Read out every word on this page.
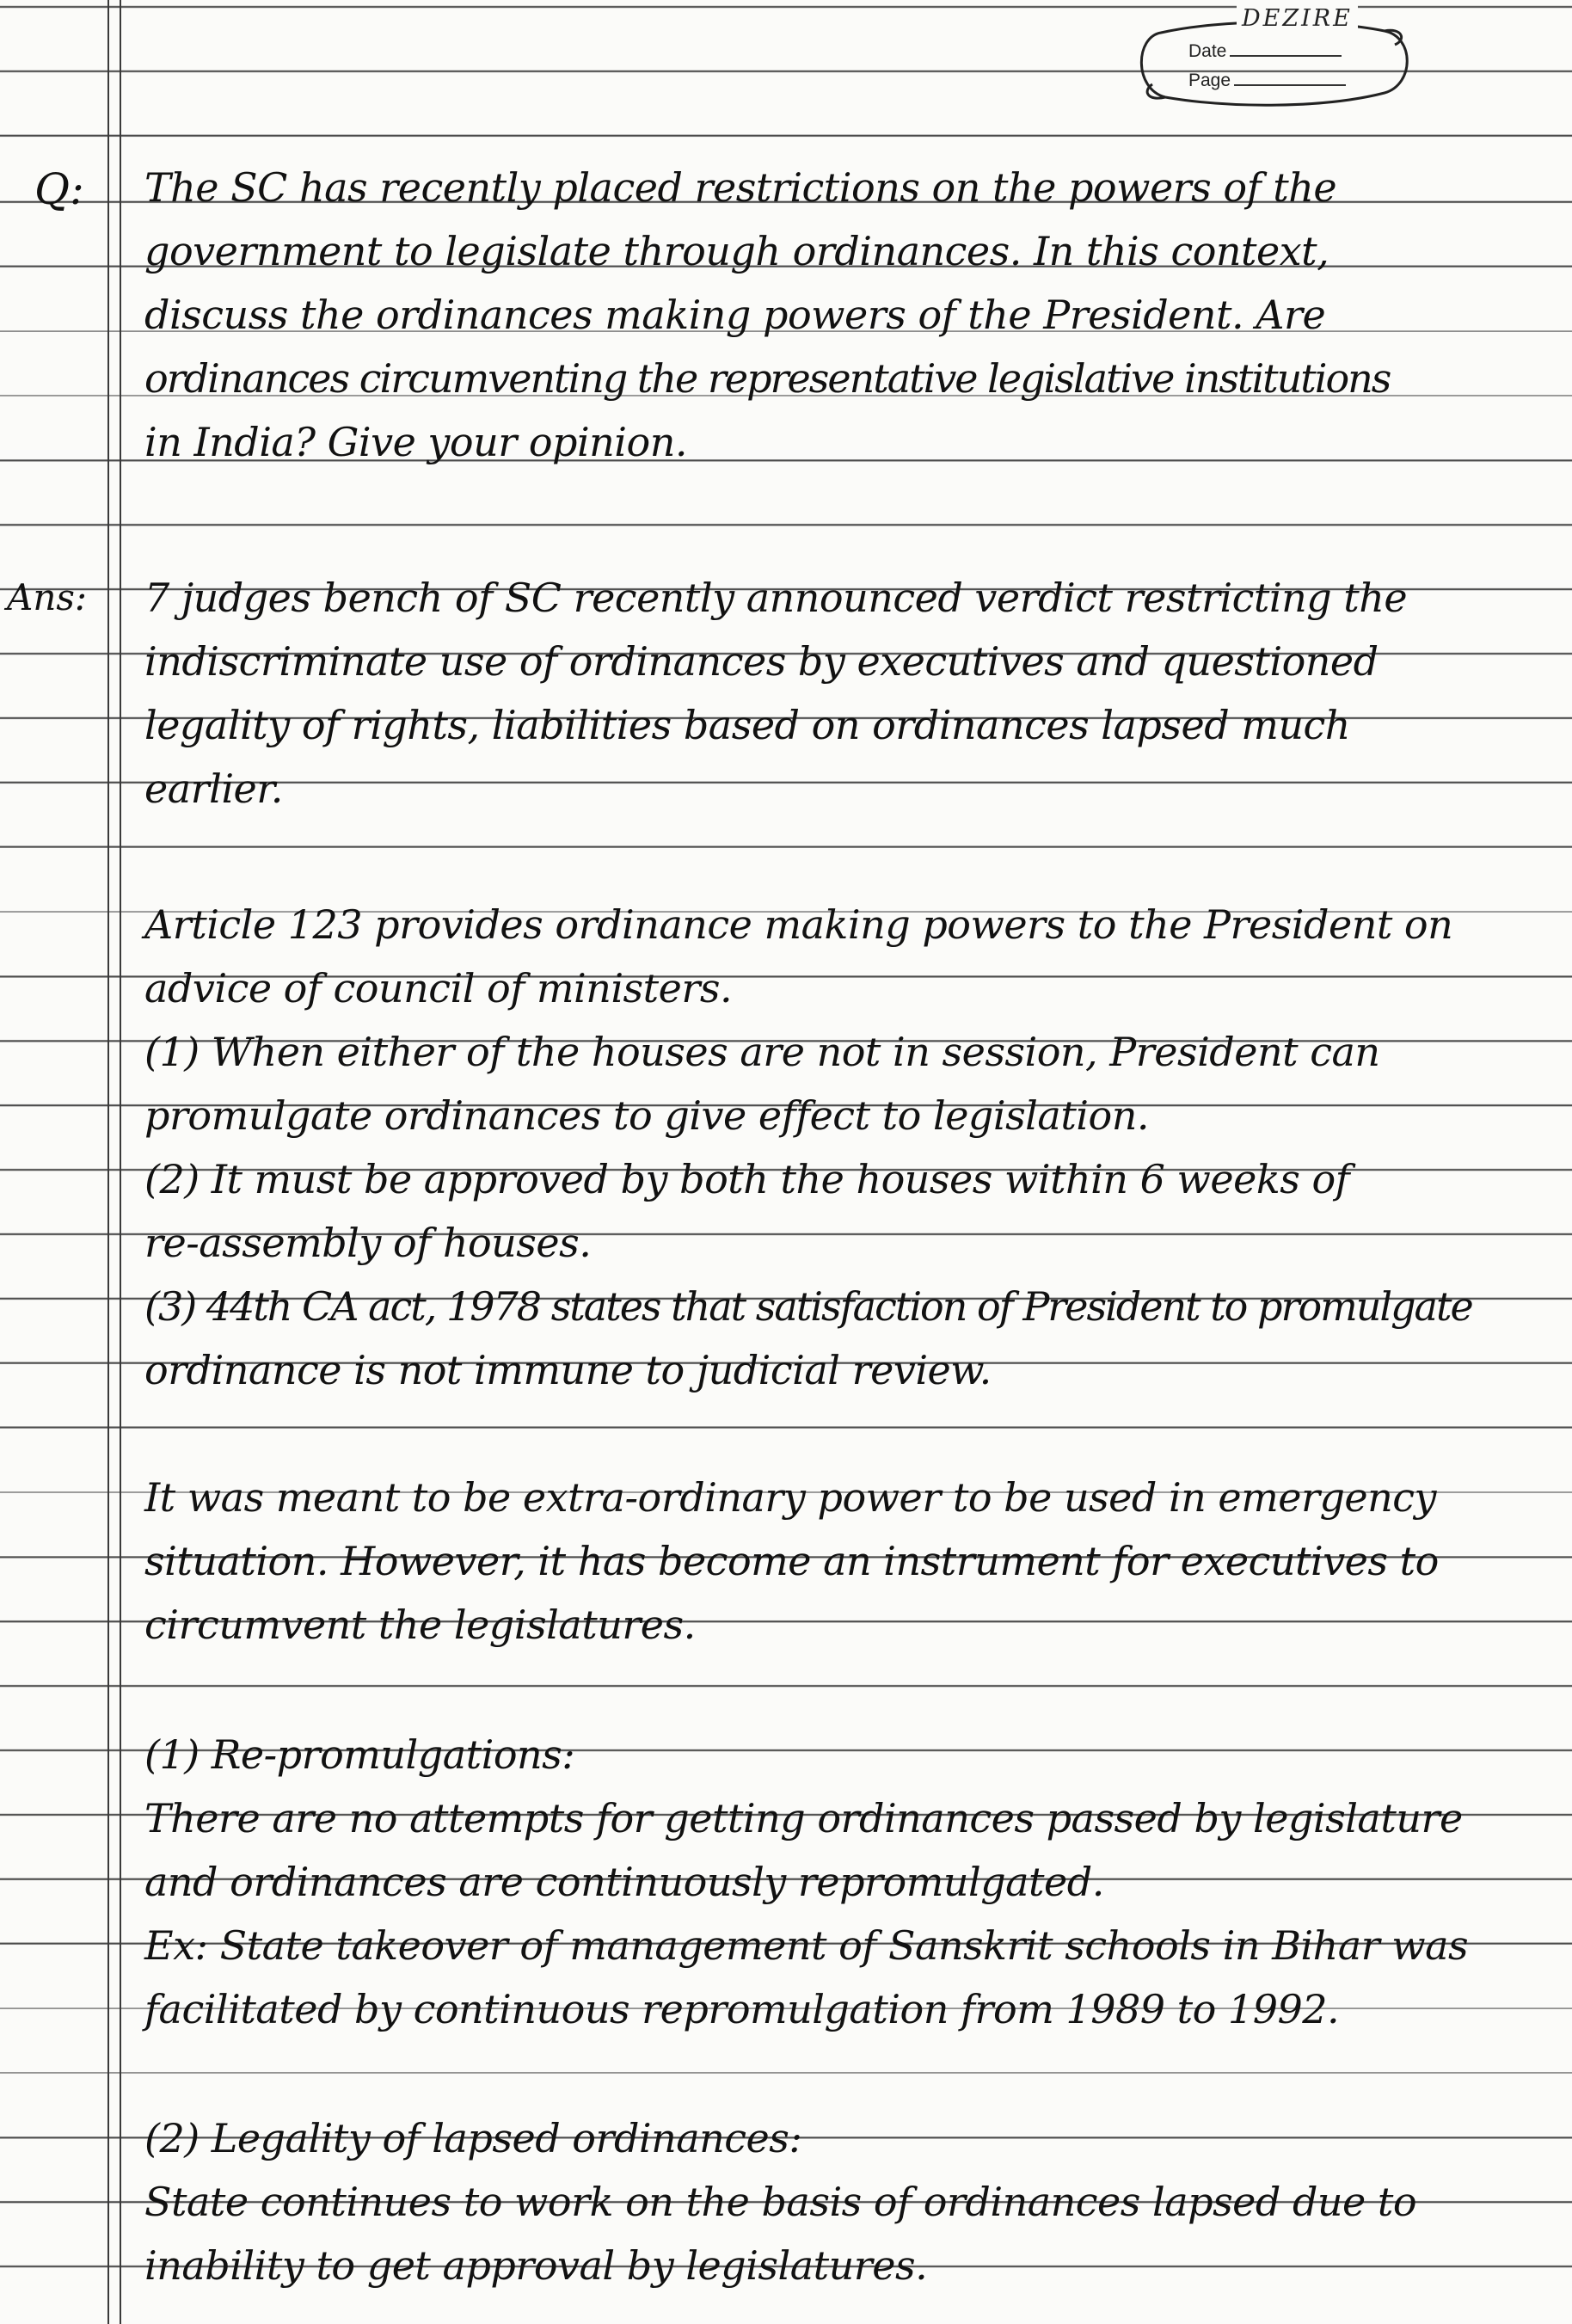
DEZIRE
Date
Page

Q: The SC has recently placed restrictions on the powers of the

government to legislate through ordinances. In this context,

discuss the ordinances making powers of the President. Are

ordinances circumventing the representative legislative institutions

in India? Give your opinion.

Ans: 7 judges bench of SC recently announced verdict restricting the

indiscriminate use of ordinances by executives and questioned

legality of rights, liabilities based on ordinances lapsed much

earlier.

Article 123 provides ordinance making powers to the President on

advice of council of ministers.

(1) When either of the houses are not in session, President can

promulgate ordinances to give effect to legislation.

(2) It must be approved by both the houses within 6 weeks of

re-assembly of houses.

(3) 44th CA act, 1978 states that satisfaction of President to promulgate

ordinance is not immune to judicial review.

It was meant to be extra-ordinary power to be used in emergency

situation. However, it has become an instrument for executives to

circumvent the legislatures.

(1) Re-promulgations:

There are no attempts for getting ordinances passed by legislature

and ordinances are continuously repromulgated.

Ex: State takeover of management of Sanskrit schools in Bihar was

facilitated by continuous repromulgation from 1989 to 1992.

(2) Legality of lapsed ordinances:

State continues to work on the basis of ordinances lapsed due to

inability to get approval by legislatures.
